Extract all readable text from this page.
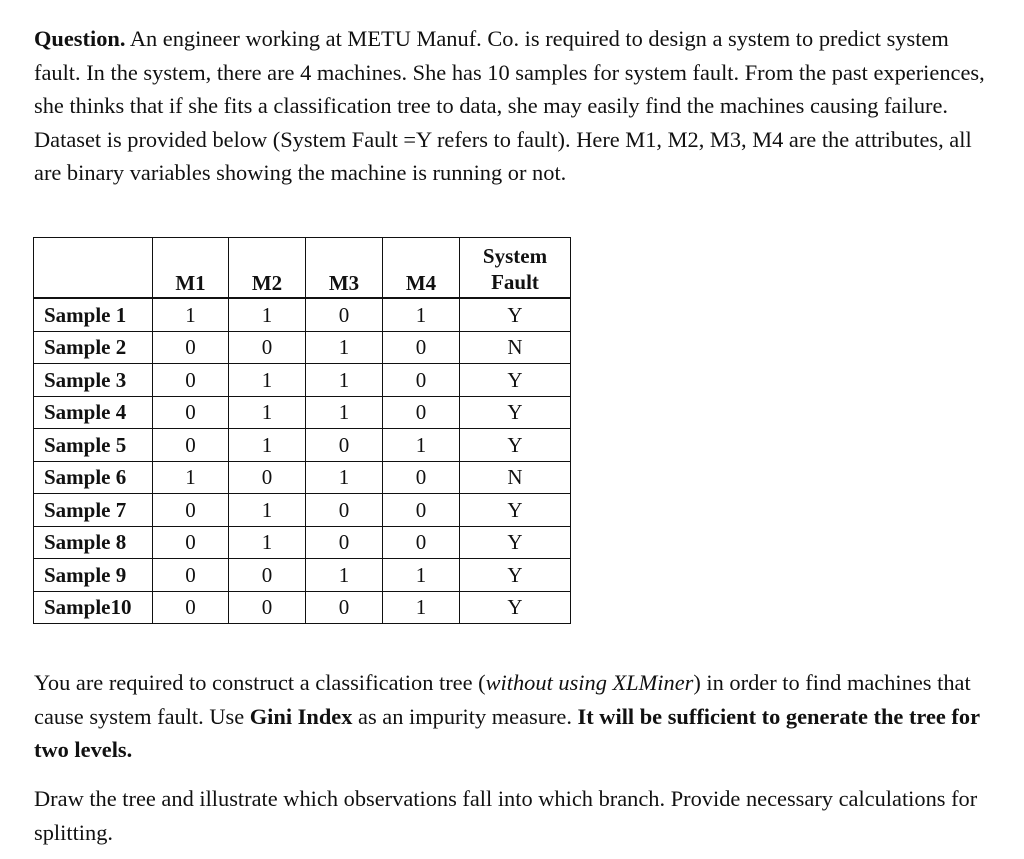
Question. An engineer working at METU Manuf. Co. is required to design a system to predict system fault. In the system, there are 4 machines. She has 10 samples for system fault. From the past experiences, she thinks that if she fits a classification tree to data, she may easily find the machines causing failure. Dataset is provided below (System Fault =Y refers to fault). Here M1, M2, M3, M4 are the attributes, all are binary variables showing the machine is running or not.

	M1	M2	M3	M4	System Fault
Sample 1	1	1	0	1	Y
Sample 2	0	0	1	0	N
Sample 3	0	1	1	0	Y
Sample 4	0	1	1	0	Y
Sample 5	0	1	0	1	Y
Sample 6	1	0	1	0	N
Sample 7	0	1	0	0	Y
Sample 8	0	1	0	0	Y
Sample 9	0	0	1	1	Y
Sample10	0	0	0	1	Y

You are required to construct a classification tree (without using XLMiner) in order to find machines that cause system fault. Use Gini Index as an impurity measure. It will be sufficient to generate the tree for two levels.

Draw the tree and illustrate which observations fall into which branch. Provide necessary calculations for splitting.
